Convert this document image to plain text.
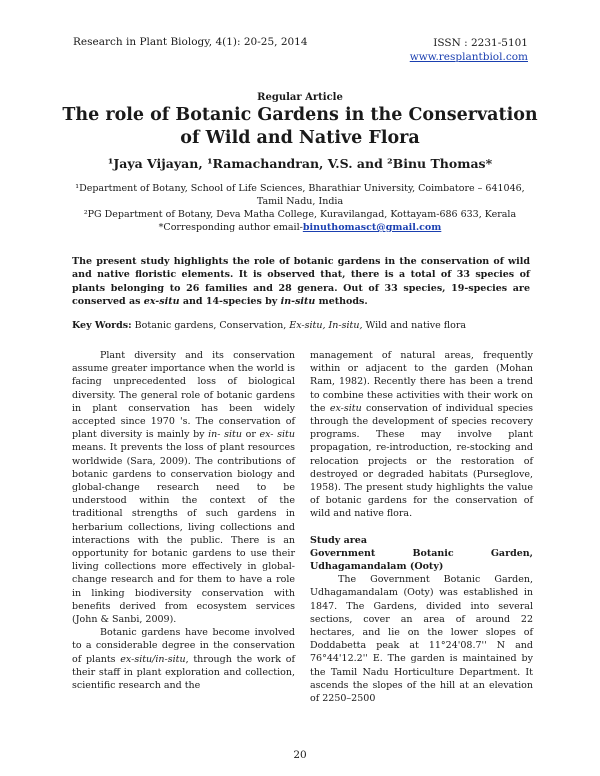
Research in Plant Biology, 4(1): 20-25, 2014	ISSN : 2231-5101
www.resplantbiol.com
Regular Article
The role of Botanic Gardens in the Conservation of Wild and Native Flora
¹Jaya Vijayan, ¹Ramachandran, V.S. and ²Binu Thomas*
¹Department of Botany, School of Life Sciences, Bharathiar University, Coimbatore – 641046, Tamil Nadu, India
²PG Department of Botany, Deva Matha College, Kuravilangad, Kottayam-686 633, Kerala
*Corresponding author email-binuthomasct@gmail.com
The present study highlights the role of botanic gardens in the conservation of wild and native floristic elements. It is observed that, there is a total of 33 species of plants belonging to 26 families and 28 genera. Out of 33 species, 19-species are conserved as ex-situ and 14-species by in-situ methods.
Key Words: Botanic gardens, Conservation, Ex-situ, In-situ, Wild and native flora

Plant diversity and its conservation assume greater importance when the world is facing unprecedented loss of biological diversity. The general role of botanic gardens in plant conservation has been widely accepted since 1970 's. The conservation of plant diversity is mainly by in- situ or ex- situ means. It prevents the loss of plant resources worldwide (Sara, 2009). The contributions of botanic gardens to conservation biology and global-change research need to be understood within the context of the traditional strengths of such gardens in herbarium collections, living collections and interactions with the public. There is an opportunity for botanic gardens to use their living collections more effectively in global-change research and for them to have a role in linking biodiversity conservation with benefits derived from ecosystem services (John & Sanbi, 2009).

Botanic gardens have become involved to a considerable degree in the conservation of plants ex-situ/in-situ, through the work of their staff in plant exploration and collection, scientific research and the

management of natural areas, frequently within or adjacent to the garden (Mohan Ram, 1982). Recently there has been a trend to combine these activities with their work on the ex-situ conservation of individual species through the development of species recovery programs. These may involve plant propagation, re-introduction, re-stocking and relocation projects or the restoration of destroyed or degraded habitats (Purseglove, 1958). The present study highlights the value of botanic gardens for the conservation of wild and native flora.

Study area

Government Botanic Garden, Udhagamandalam (Ooty)

The Government Botanic Garden, Udhagamandalam (Ooty) was established in 1847. The Gardens, divided into several sections, cover an area of around 22 hectares, and lie on the lower slopes of Doddabetta peak at 11°24'08.7'' N and 76°44'12.2'' E. The garden is maintained by the Tamil Nadu Horticulture Department. It ascends the slopes of the hill at an elevation of 2250–2500

20
